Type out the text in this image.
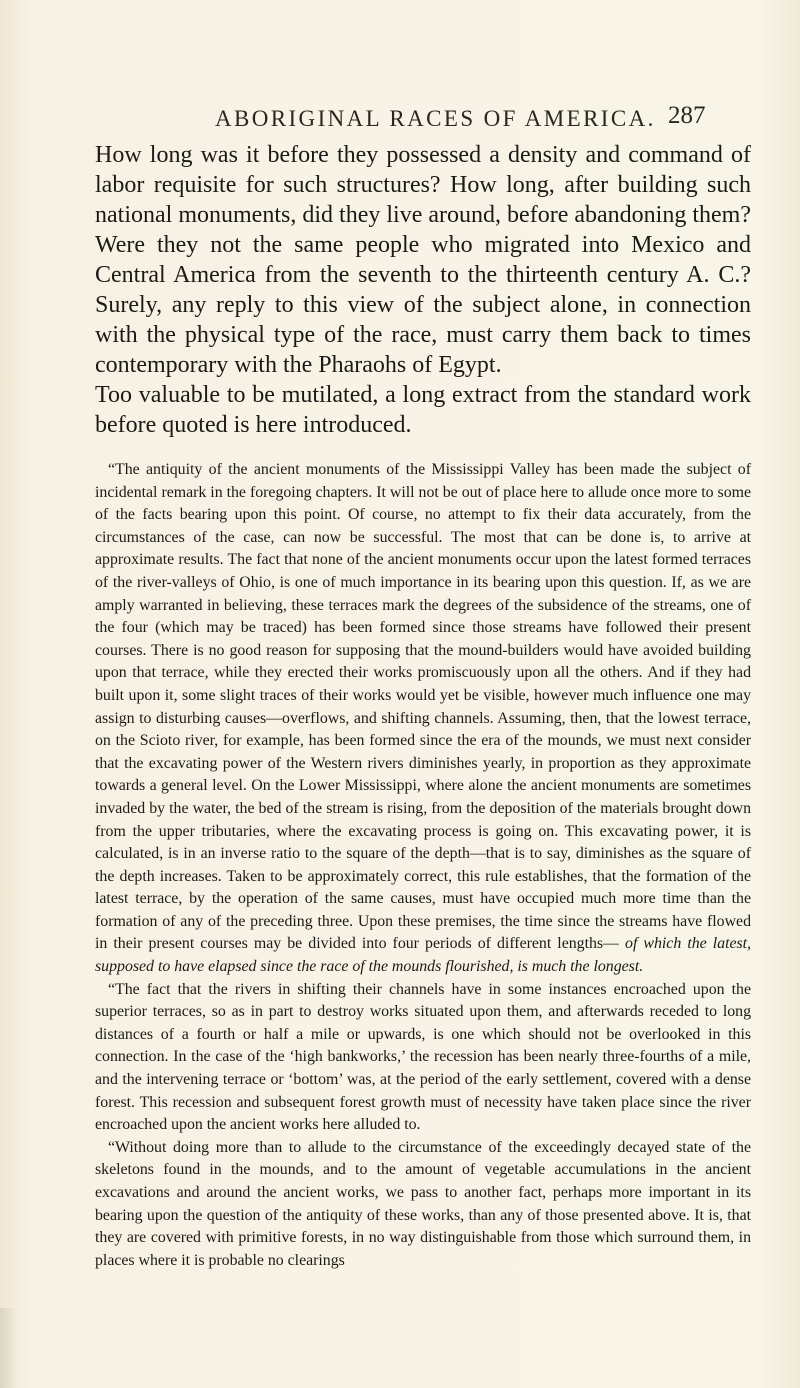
ABORIGINAL RACES OF AMERICA. 287

How long was it before they possessed a density and command of labor requisite for such structures? How long, after building such national monuments, did they live around, before abandoning them? Were they not the same people who migrated into Mexico and Central America from the seventh to the thirteenth century A. C.? Surely, any reply to this view of the subject alone, in connection with the physical type of the race, must carry them back to times contemporary with the Pharaohs of Egypt.

Too valuable to be mutilated, a long extract from the standard work before quoted is here introduced.

“The antiquity of the ancient monuments of the Mississippi Valley has been made the subject of incidental remark in the foregoing chapters. It will not be out of place here to allude once more to some of the facts bearing upon this point. Of course, no attempt to fix their data accurately, from the circumstances of the case, can now be successful. The most that can be done is, to arrive at approximate results. The fact that none of the ancient monuments occur upon the latest formed terraces of the river-valleys of Ohio, is one of much importance in its bearing upon this question. If, as we are amply warranted in believing, these terraces mark the degrees of the subsidence of the streams, one of the four (which may be traced) has been formed since those streams have followed their present courses. There is no good reason for supposing that the mound-builders would have avoided building upon that terrace, while they erected their works promiscuously upon all the others. And if they had built upon it, some slight traces of their works would yet be visible, however much influence one may assign to disturbing causes—overflows, and shifting channels. Assuming, then, that the lowest terrace, on the Scioto river, for example, has been formed since the era of the mounds, we must next consider that the excavating power of the Western rivers diminishes yearly, in proportion as they approximate towards a general level. On the Lower Mississippi, where alone the ancient monuments are sometimes invaded by the water, the bed of the stream is rising, from the deposition of the materials brought down from the upper tributaries, where the excavating process is going on. This excavating power, it is calculated, is in an inverse ratio to the square of the depth—that is to say, diminishes as the square of the depth increases. Taken to be approximately correct, this rule establishes, that the formation of the latest terrace, by the operation of the same causes, must have occupied much more time than the formation of any of the preceding three. Upon these premises, the time since the streams have flowed in their present courses may be divided into four periods of different lengths— of which the latest, supposed to have elapsed since the race of the mounds flourished, is much the longest.

“The fact that the rivers in shifting their channels have in some instances encroached upon the superior terraces, so as in part to destroy works situated upon them, and afterwards receded to long distances of a fourth or half a mile or upwards, is one which should not be overlooked in this connection. In the case of the ‘high bankworks,’ the recession has been nearly three-fourths of a mile, and the intervening terrace or ‘bottom’ was, at the period of the early settlement, covered with a dense forest. This recession and subsequent forest growth must of necessity have taken place since the river encroached upon the ancient works here alluded to.

“Without doing more than to allude to the circumstance of the exceedingly decayed state of the skeletons found in the mounds, and to the amount of vegetable accumulations in the ancient excavations and around the ancient works, we pass to another fact, perhaps more important in its bearing upon the question of the antiquity of these works, than any of those presented above. It is, that they are covered with primitive forests, in no way distinguishable from those which surround them, in places where it is probable no clearings
